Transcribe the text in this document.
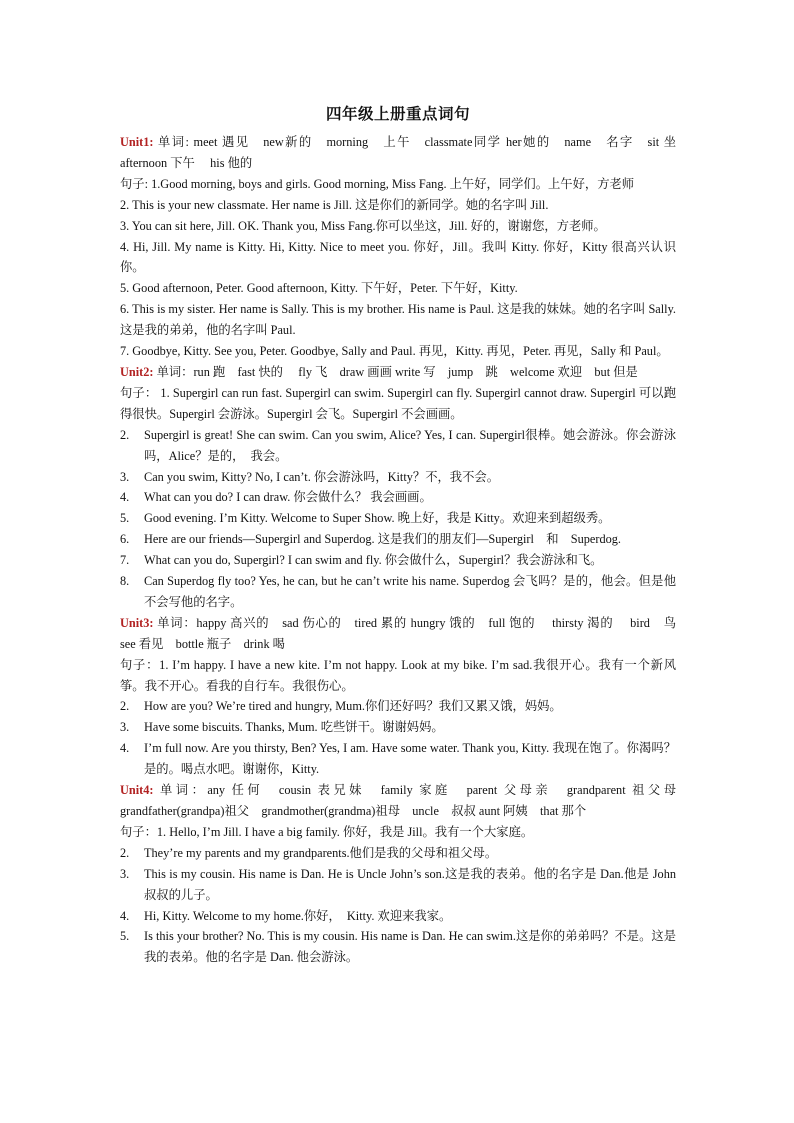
四年级上册重点词句

Unit1: 单词: meet 遇见　new新的　morning　上午　classmate同学 her她的　name　名字　sit 坐　afternoon 下午　 his 他的

句子: 1.Good morning, boys and girls. Good morning, Miss Fang. 上午好，同学们。上午好，方老师

2. This is your new classmate. Her name is Jill. 这是你们的新同学。她的名字叫 Jill.

3. You can sit here, Jill. OK. Thank you, Miss Fang.你可以坐这，Jill. 好的，谢谢您，方老师。

4. Hi, Jill. My name is Kitty. Hi, Kitty. Nice to meet you. 你好，Jill。我叫 Kitty. 你好，Kitty 很高兴认识你。

5. Good afternoon, Peter. Good afternoon, Kitty. 下午好，Peter. 下午好，Kitty.

6. This is my sister. Her name is Sally. This is my brother. His name is Paul. 这是我的妹妹。她的名字叫 Sally. 这是我的弟弟，他的名字叫 Paul.

7. Goodbye, Kitty. See you, Peter. Goodbye, Sally and Paul. 再见，Kitty. 再见，Peter. 再见，Sally 和 Paul。

Unit2: 单词：run 跑　fast 快的　 fly 飞　draw 画画 write 写　jump　跳　welcome 欢迎　but 但是

句子： 1. Supergirl can run fast. Supergirl can swim. Supergirl can fly. Supergirl cannot draw. Supergirl 可以跑得很快。Supergirl 会游泳。Supergirl 会飞。Supergirl 不会画画。

2. Supergirl is great! She can swim. Can you swim, Alice? Yes, I can. Supergirl很棒。她会游泳。你会游泳吗，Alice？是的，　我会。
3. Can you swim, Kitty? No, I can’t. 你会游泳吗，Kitty？不，我不会。
4. What can you do? I can draw. 你会做什么？ 我会画画。
5. Good evening. I’m Kitty. Welcome to Super Show. 晚上好，我是 Kitty。欢迎来到超级秀。
6. Here are our friends—Supergirl and Superdog. 这是我们的朋友们—Supergirl　和　Superdog.
7. What can you do, Supergirl? I can swim and fly. 你会做什么，Supergirl？我会游泳和飞。
8. Can Superdog fly too? Yes, he can, but he can’t write his name. Superdog 会飞吗？是的，他会。但是他不会写他的名字。

Unit3: 单词：happy 高兴的　sad 伤心的　tired 累的 hungry 饿的　full 饱的　 thirsty 渴的　 bird　鸟　see 看见　bottle 瓶子　drink 喝

句子：1. I’m happy. I have a new kite. I’m not happy. Look at my bike. I’m sad.我很开心。我有一个新风筝。我不开心。看我的自行车。我很伤心。

2. How are you? We’re tired and hungry, Mum.你们还好吗？我们又累又饿，妈妈。
3. Have some biscuits. Thanks, Mum. 吃些饼干。谢谢妈妈。
4. I’m full now. Are you thirsty, Ben? Yes, I am. Have some water. Thank you, Kitty. 我现在饱了。你渴吗？是的。喝点水吧。谢谢你，Kitty.

Unit4: 单词：any 任何　cousin 表兄妹　family 家庭　parent 父母亲　grandparent 祖父母 grandfather(grandpa)祖父　grandmother(grandma)祖母　uncle　叔叔 aunt 阿姨　that 那个

句子：1. Hello, I’m Jill. I have a big family. 你好，我是 Jill。我有一个大家庭。

2. They’re my parents and my grandparents.他们是我的父母和祖父母。
3. This is my cousin. His name is Dan. He is Uncle John’s son.这是我的表弟。他的名字是 Dan.他是 John 叔叔的儿子。
4. Hi, Kitty. Welcome to my home.你好，　Kitty. 欢迎来我家。
5. Is this your brother? No. This is my cousin. His name is Dan. He can swim.这是你的弟弟吗？不是。这是我的表弟。他的名字是 Dan. 他会游泳。
